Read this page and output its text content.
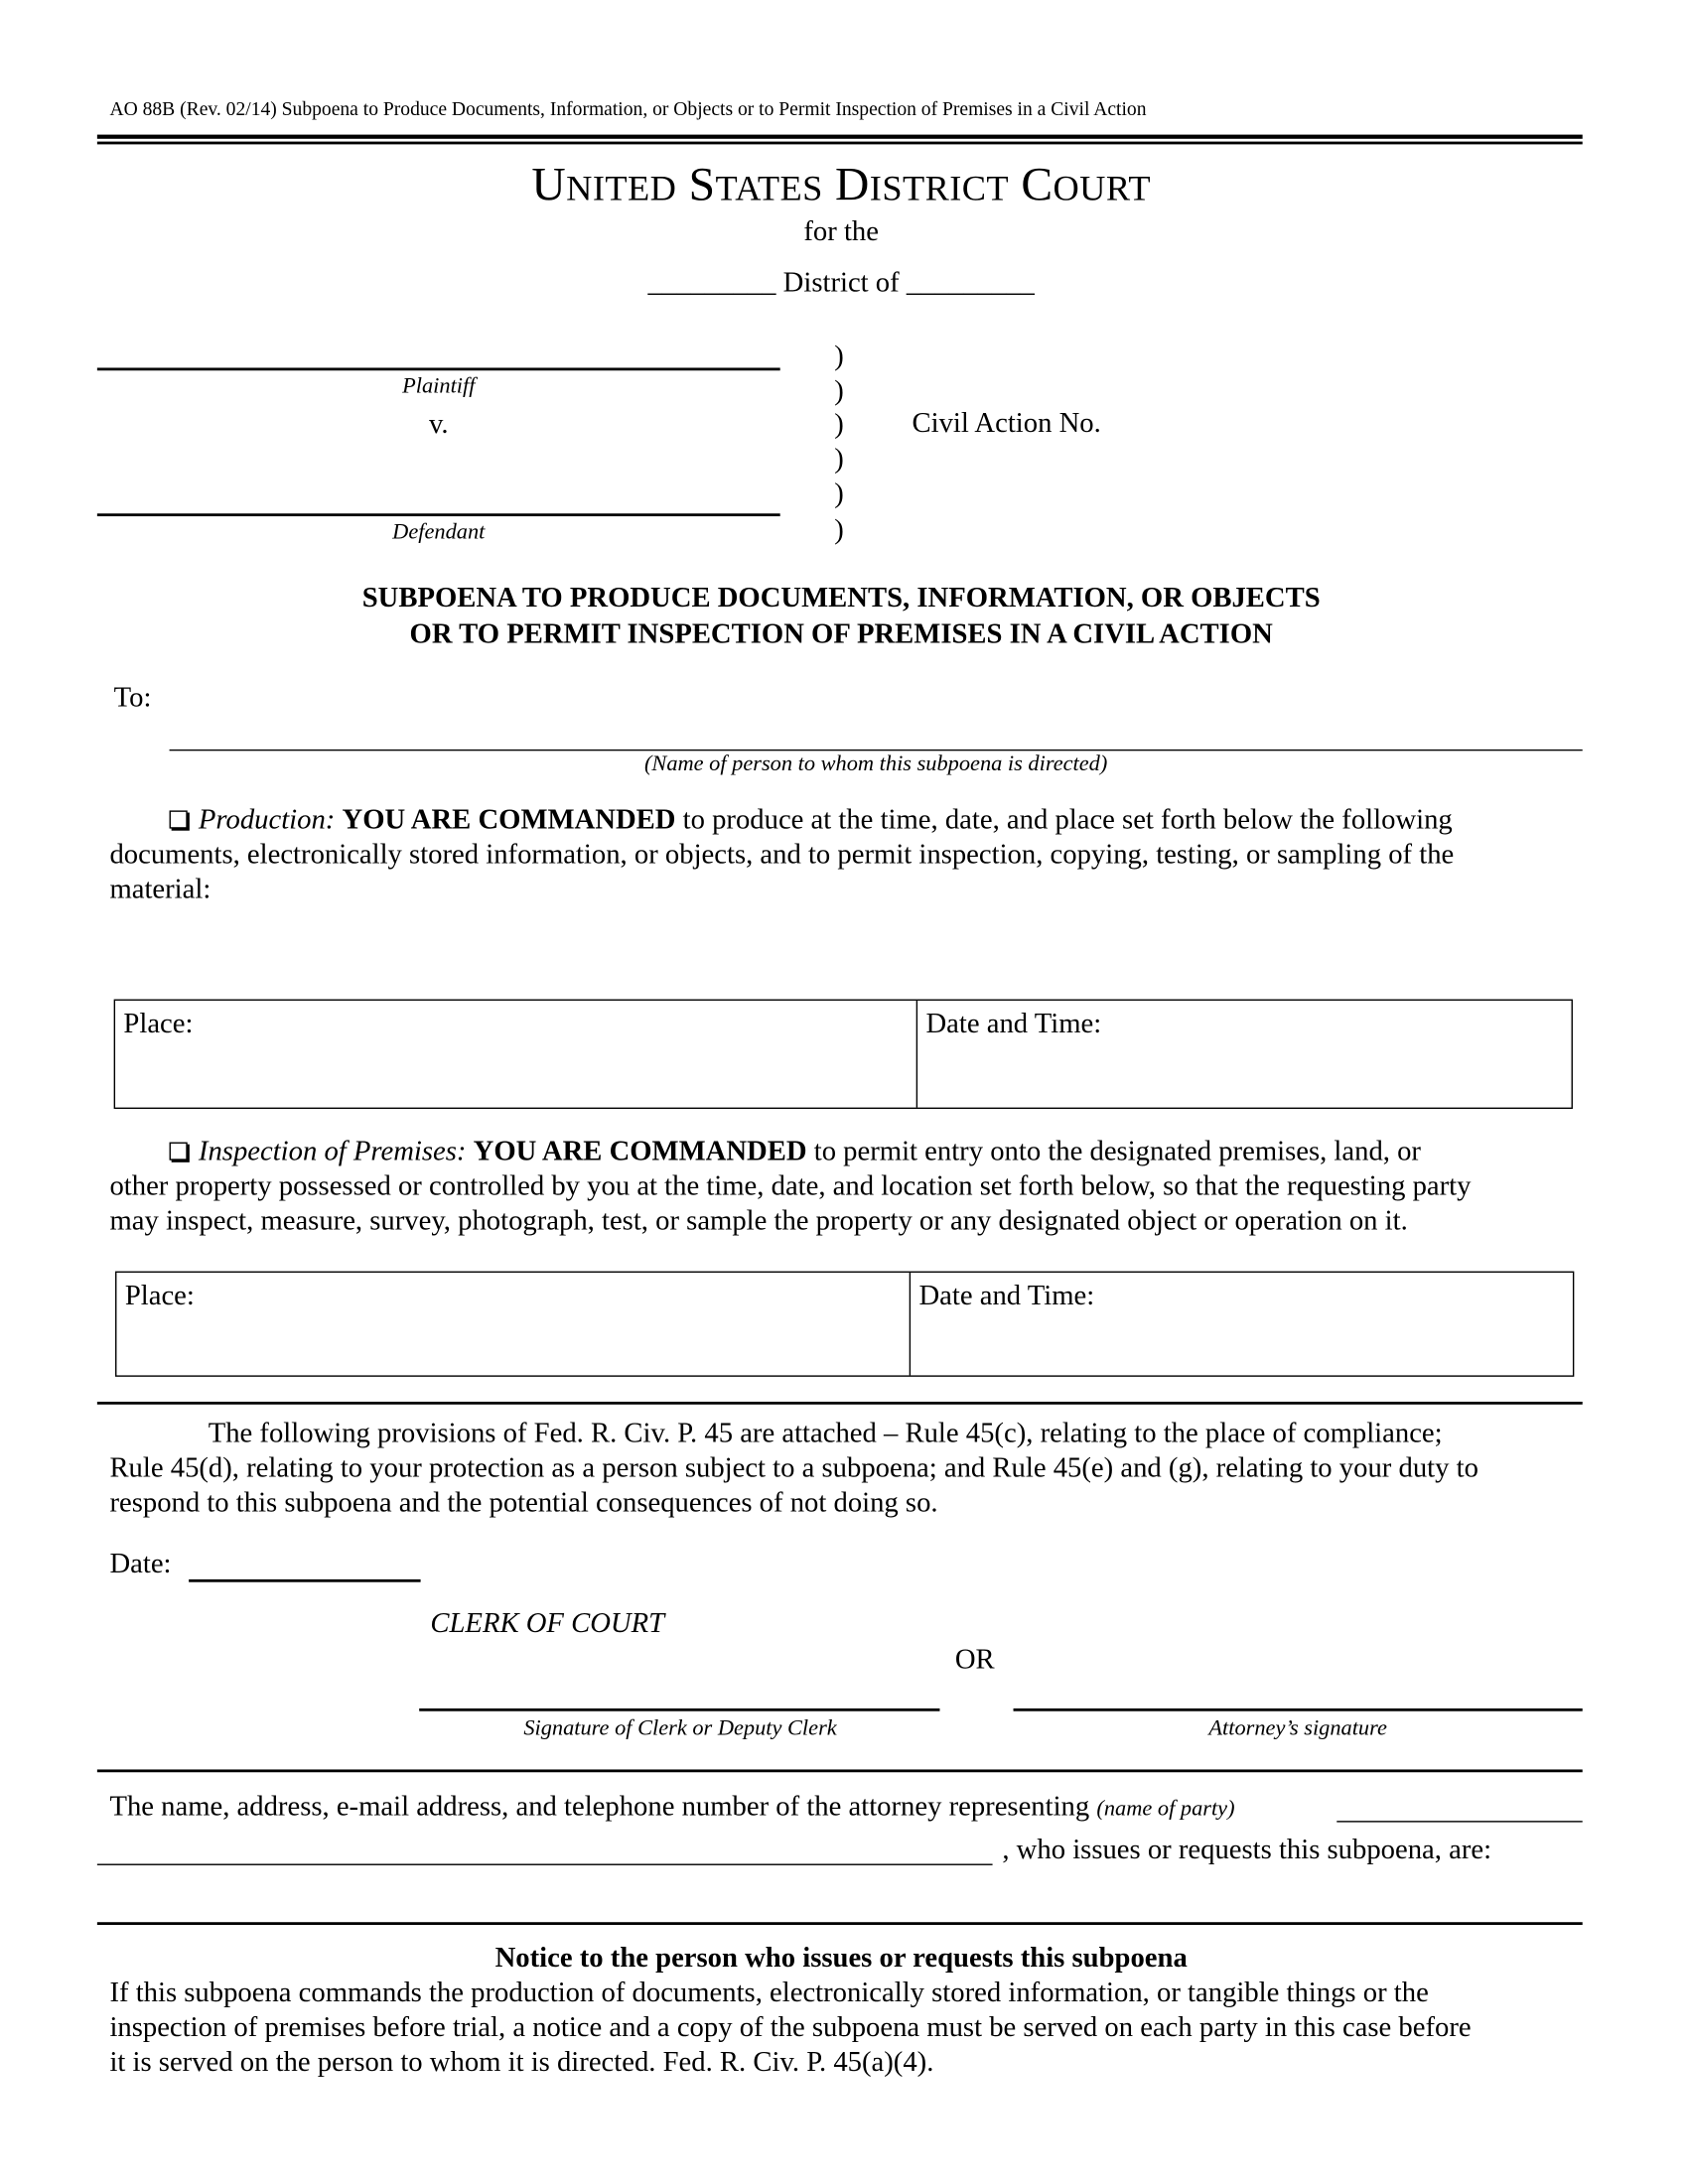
AO 88B (Rev. 02/14) Subpoena to Produce Documents, Information, or Objects or to Permit Inspection of Premises in a Civil Action
UNITED STATES DISTRICT COURT
for the
_________ District of _________
Plaintiff
v.
Defendant
)
)
)
)
)
)
Civil Action No.
SUBPOENA TO PRODUCE DOCUMENTS, INFORMATION, OR OBJECTS
OR TO PERMIT INSPECTION OF PREMISES IN A CIVIL ACTION
To:
(Name of person to whom this subpoena is directed)
Production: YOU ARE COMMANDED to produce at the time, date, and place set forth below the following
documents, electronically stored information, or objects, and to permit inspection, copying, testing, or sampling of the
material:
Place:	Date and Time:
Inspection of Premises: YOU ARE COMMANDED to permit entry onto the designated premises, land, or
other property possessed or controlled by you at the time, date, and location set forth below, so that the requesting party
may inspect, measure, survey, photograph, test, or sample the property or any designated object or operation on it.
Place:	Date and Time:
The following provisions of Fed. R. Civ. P. 45 are attached – Rule 45(c), relating to the place of compliance;
Rule 45(d), relating to your protection as a person subject to a subpoena; and Rule 45(e) and (g), relating to your duty to
respond to this subpoena and the potential consequences of not doing so.
Date:
CLERK OF COURT
OR
Signature of Clerk or Deputy Clerk	Attorney’s signature
The name, address, e-mail address, and telephone number of the attorney representing (name of party)
, who issues or requests this subpoena, are:
Notice to the person who issues or requests this subpoena
If this subpoena commands the production of documents, electronically stored information, or tangible things or the
inspection of premises before trial, a notice and a copy of the subpoena must be served on each party in this case before
it is served on the person to whom it is directed. Fed. R. Civ. P. 45(a)(4).
